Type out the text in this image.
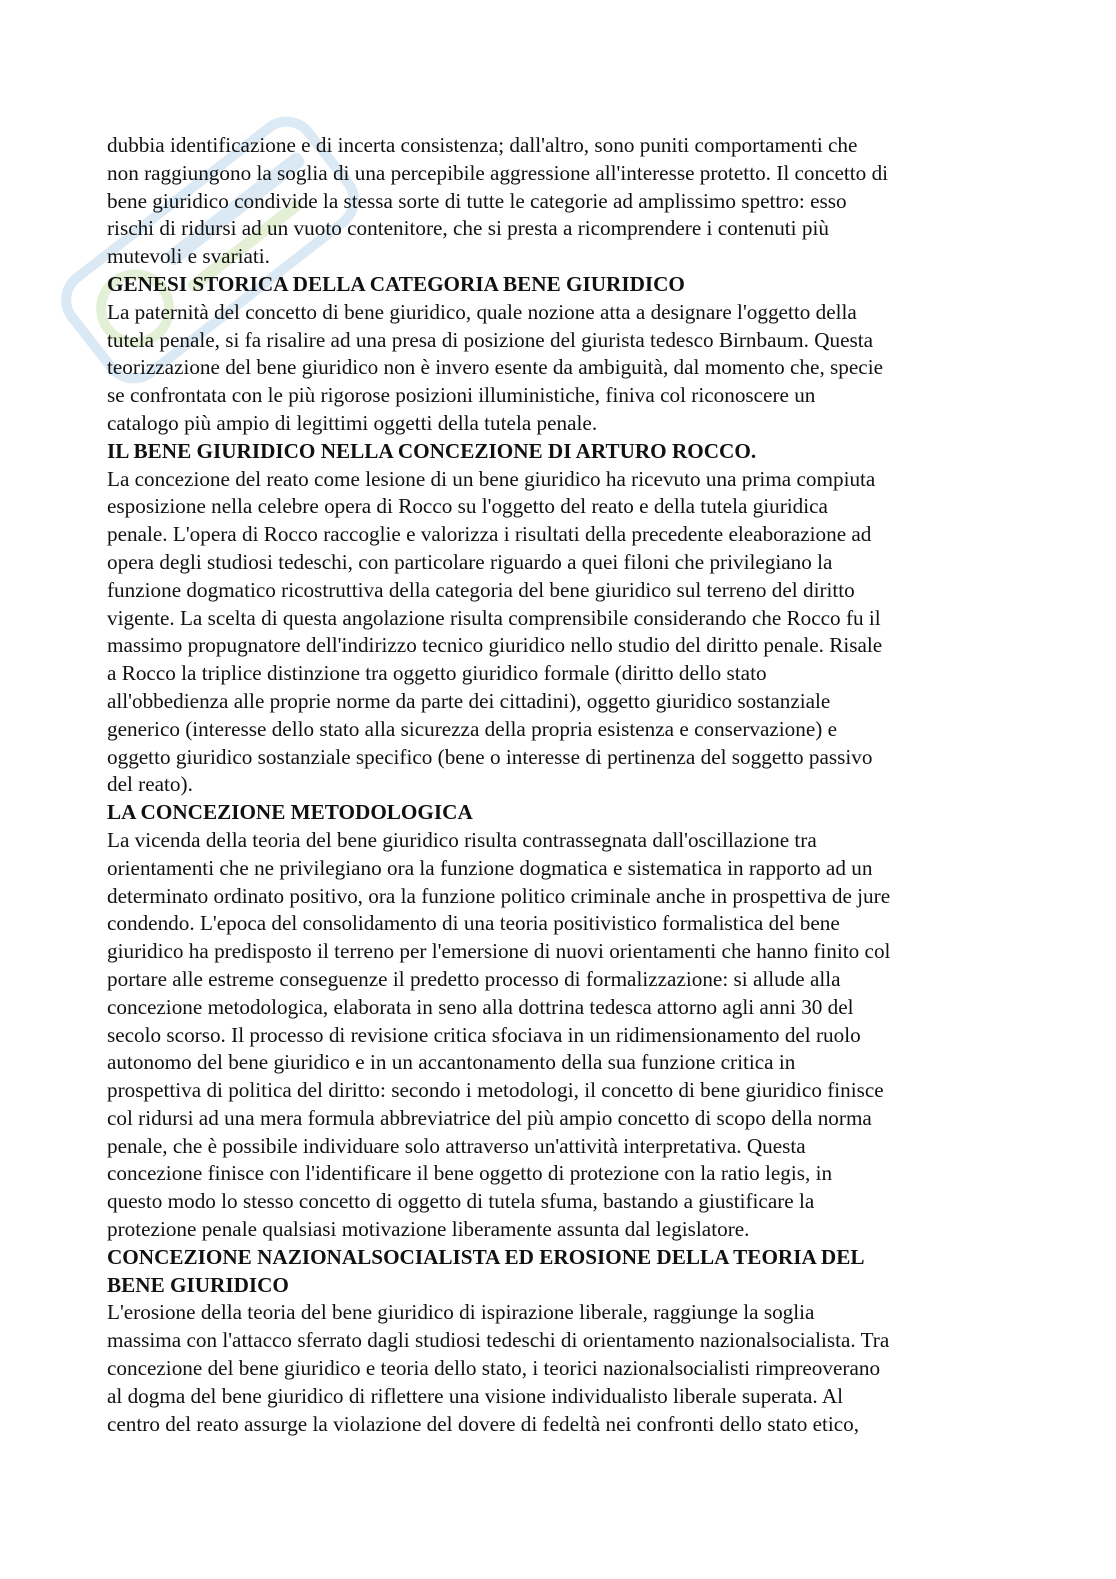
dubbia identificazione e di incerta consistenza; dall'altro, sono puniti comportamenti che
non raggiungono la soglia di una percepibile aggressione all'interesse protetto. Il concetto di
bene giuridico condivide la stessa sorte di tutte le categorie ad amplissimo spettro: esso
rischi di ridursi ad un vuoto contenitore, che si presta a ricomprendere i contenuti più
mutevoli e svariati.

GENESI STORICA DELLA CATEGORIA BENE GIURIDICO

La paternità del concetto di bene giuridico, quale nozione atta a designare l'oggetto della
tutela penale, si fa risalire ad una presa di posizione del giurista tedesco Birnbaum. Questa
teorizzazione del bene giuridico non è invero esente da ambiguità, dal momento che, specie
se confrontata con le più rigorose posizioni illuministiche, finiva col riconoscere un
catalogo più ampio di legittimi oggetti della tutela penale.

IL BENE GIURIDICO NELLA CONCEZIONE DI ARTURO ROCCO.

La concezione del reato come lesione di un bene giuridico ha ricevuto una prima compiuta
esposizione nella celebre opera di Rocco su l'oggetto del reato e della tutela giuridica
penale. L'opera di Rocco raccoglie e valorizza i risultati della precedente eleaborazione ad
opera degli studiosi tedeschi, con particolare riguardo a quei filoni che privilegiano la
funzione dogmatico ricostruttiva della categoria del bene giuridico sul terreno del diritto
vigente. La scelta di questa angolazione risulta comprensibile considerando che Rocco fu il
massimo propugnatore dell'indirizzo tecnico giuridico nello studio del diritto penale. Risale
a Rocco la triplice distinzione tra oggetto giuridico formale (diritto dello stato
all'obbedienza alle proprie norme da parte dei cittadini), oggetto giuridico sostanziale
generico (interesse dello stato alla sicurezza della propria esistenza e conservazione) e
oggetto giuridico sostanziale specifico (bene o interesse di pertinenza del soggetto passivo
del reato).

LA CONCEZIONE METODOLOGICA

La vicenda della teoria del bene giuridico risulta contrassegnata dall'oscillazione tra
orientamenti che ne privilegiano ora la funzione dogmatica e sistematica in rapporto ad un
determinato ordinato positivo, ora la funzione politico criminale anche in prospettiva de jure
condendo. L'epoca del consolidamento di una teoria positivistico formalistica del bene
giuridico ha predisposto il terreno per l'emersione di nuovi orientamenti che hanno finito col
portare alle estreme conseguenze il predetto processo di formalizzazione: si allude alla
concezione metodologica, elaborata in seno alla dottrina tedesca attorno agli anni 30 del
secolo scorso. Il processo di revisione critica sfociava in un ridimensionamento del ruolo
autonomo del bene giuridico e in un accantonamento della sua funzione critica in
prospettiva di politica del diritto: secondo i metodologi, il concetto di bene giuridico finisce
col ridursi ad una mera formula abbreviatrice del più ampio concetto di scopo della norma
penale, che è possibile individuare solo attraverso un'attività interpretativa. Questa
concezione finisce con l'identificare il bene oggetto di protezione con la ratio legis, in
questo modo lo stesso concetto di oggetto di tutela sfuma, bastando a giustificare la
protezione penale qualsiasi motivazione liberamente assunta dal legislatore.

CONCEZIONE NAZIONALSOCIALISTA ED EROSIONE DELLA TEORIA DEL
BENE GIURIDICO

L'erosione della teoria del bene giuridico di ispirazione liberale, raggiunge la soglia
massima con l'attacco sferrato dagli studiosi tedeschi di orientamento nazionalsocialista. Tra
concezione del bene giuridico e teoria dello stato, i teorici nazionalsocialisti rimpreoverano
al dogma del bene giuridico di riflettere una visione individualisto liberale superata. Al
centro del reato assurge la violazione del dovere di fedeltà nei confronti dello stato etico,
